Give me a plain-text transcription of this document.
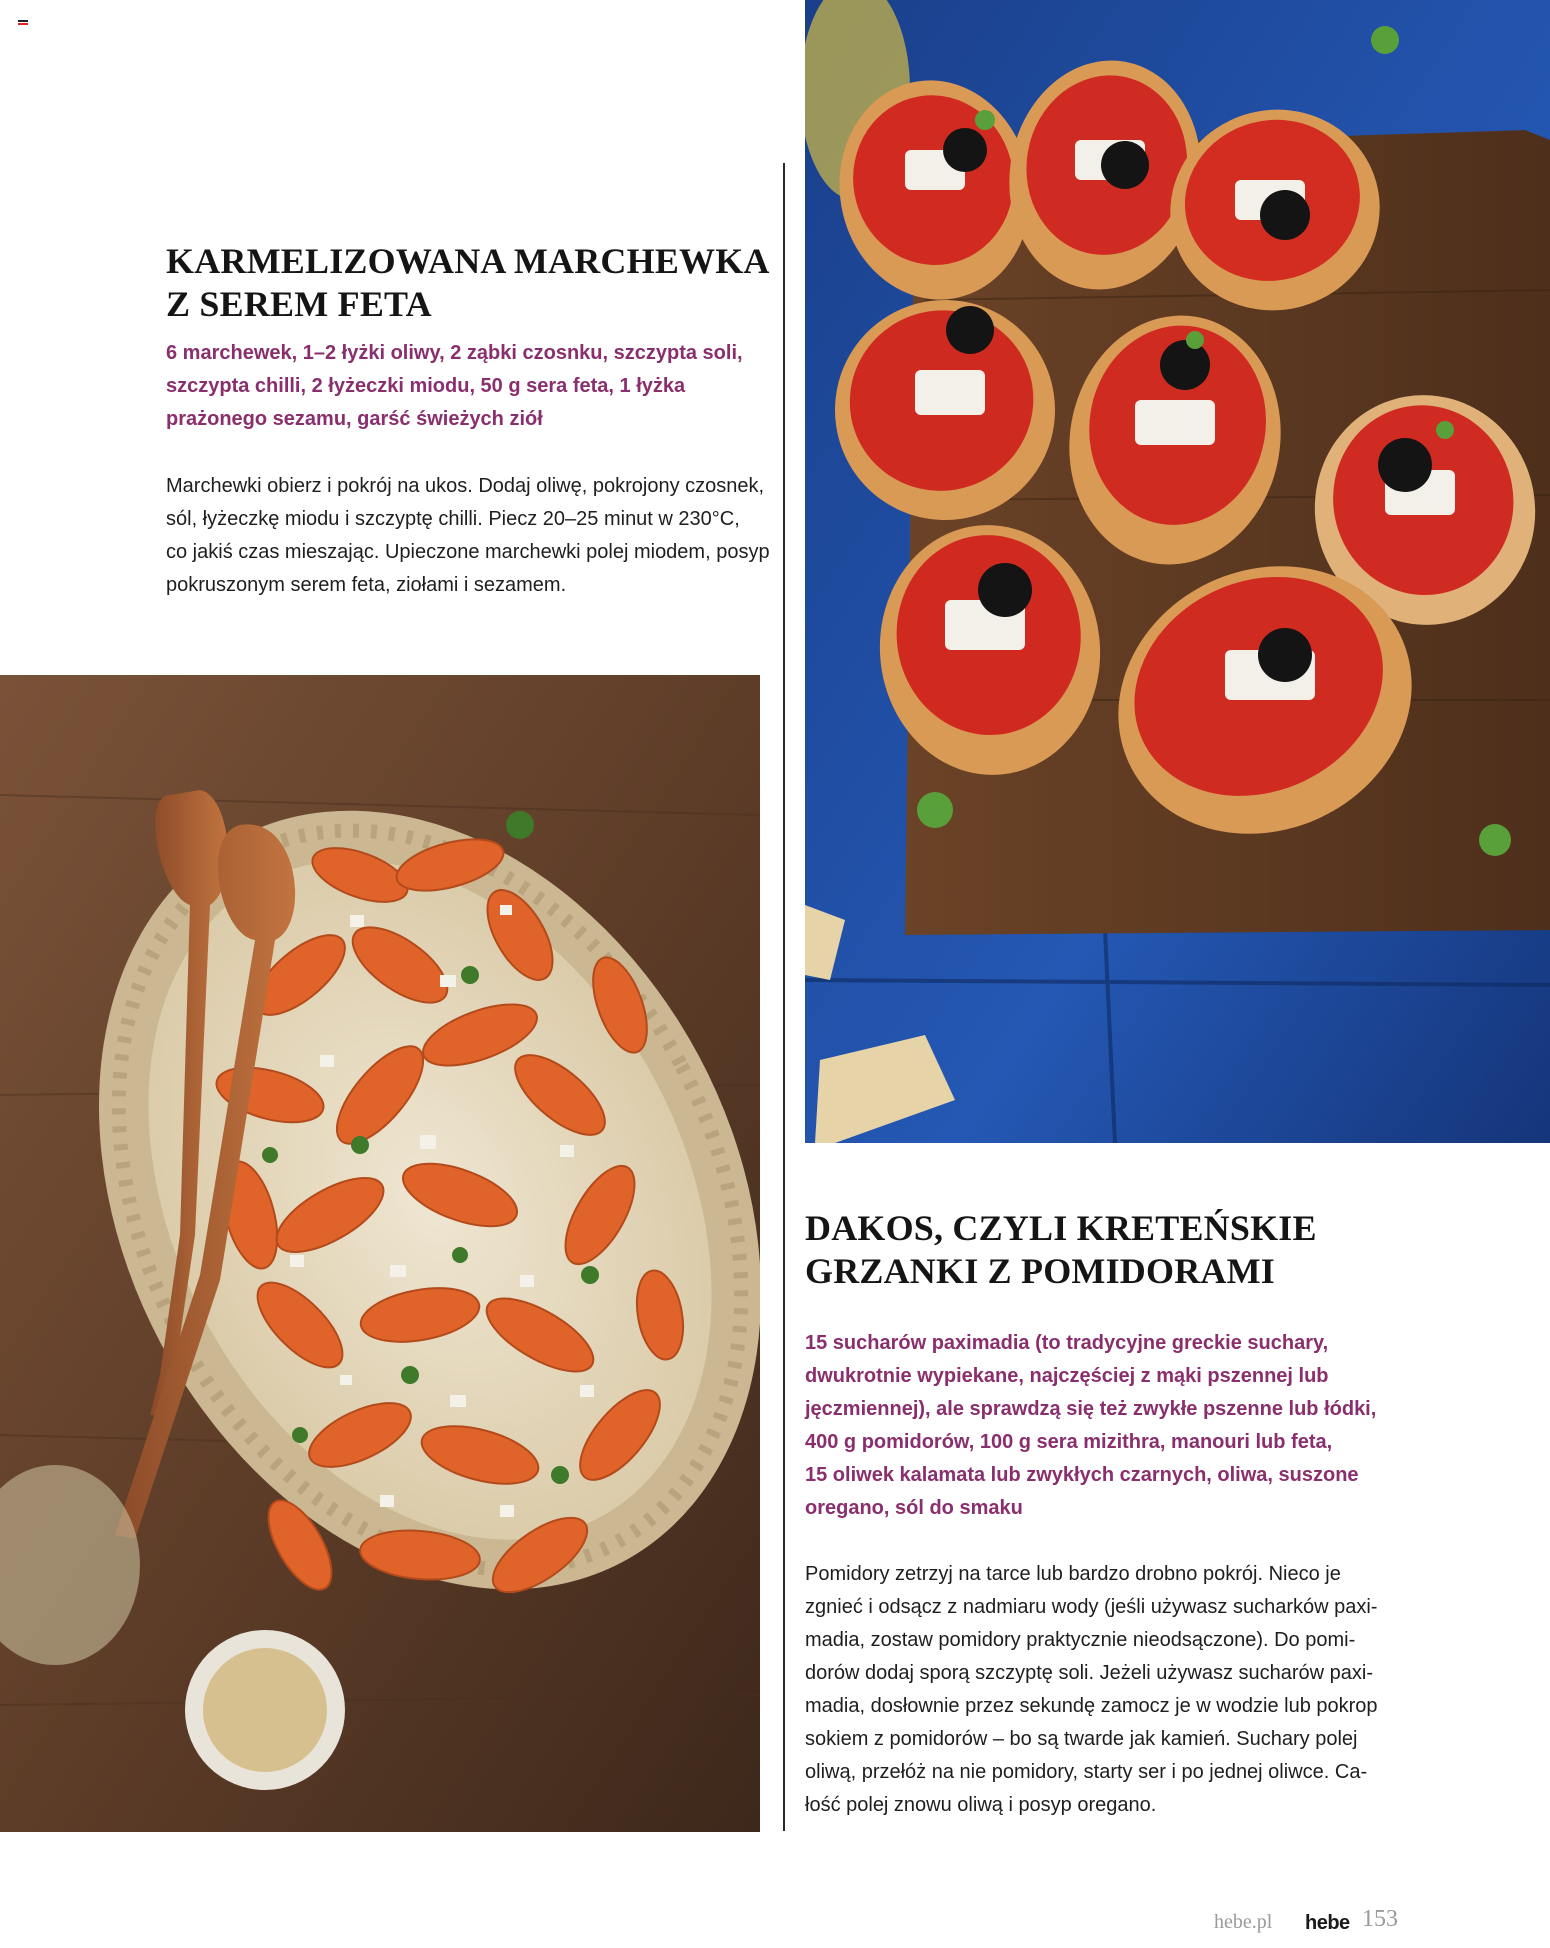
KARMELIZOWANA MARCHEWKA
Z SEREM FETA

6 marchewek, 1–2 łyżki oliwy, 2 ząbki czosnku, szczypta soli,
szczypta chilli, 2 łyżeczki miodu, 50 g sera feta, 1 łyżka
prażonego sezamu, garść świeżych ziół

Marchewki obierz i pokrój na ukos. Dodaj oliwę, pokrojony czosnek,
sól, łyżeczkę miodu i szczyptę chilli. Piecz 20–25 minut w 230°C,
co jakiś czas mieszając. Upieczone marchewki polej miodem, posyp
pokruszonym serem feta, ziołami i sezamem.

DAKOS, CZYLI KRETEŃSKIE
GRZANKI Z POMIDORAMI

15 sucharów paximadia (to tradycyjne greckie suchary,
dwukrotnie wypiekane, najczęściej z mąki pszennej lub
jęczmiennej), ale sprawdzą się też zwykłe pszenne lub łódki,
400 g pomidorów, 100 g sera mizithra, manouri lub feta,
15 oliwek kalamata lub zwykłych czarnych, oliwa, suszone
oregano, sól do smaku

Pomidory zetrzyj na tarce lub bardzo drobno pokrój. Nieco je
zgnieć i odsącz z nadmiaru wody (jeśli używasz sucharków paxi-
madia, zostaw pomidory praktycznie nieodsączone). Do pomi-
dorów dodaj sporą szczyptę soli. Jeżeli używasz sucharów paxi-
madia, dosłownie przez sekundę zamocz je w wodzie lub pokrop
sokiem z pomidorów – bo są twarde jak kamień. Suchary polej
oliwą, przełóż na nie pomidory, starty ser i po jednej oliwce. Ca-
łość polej znowu oliwą i posyp oregano.

hebe.pl hebe 153
